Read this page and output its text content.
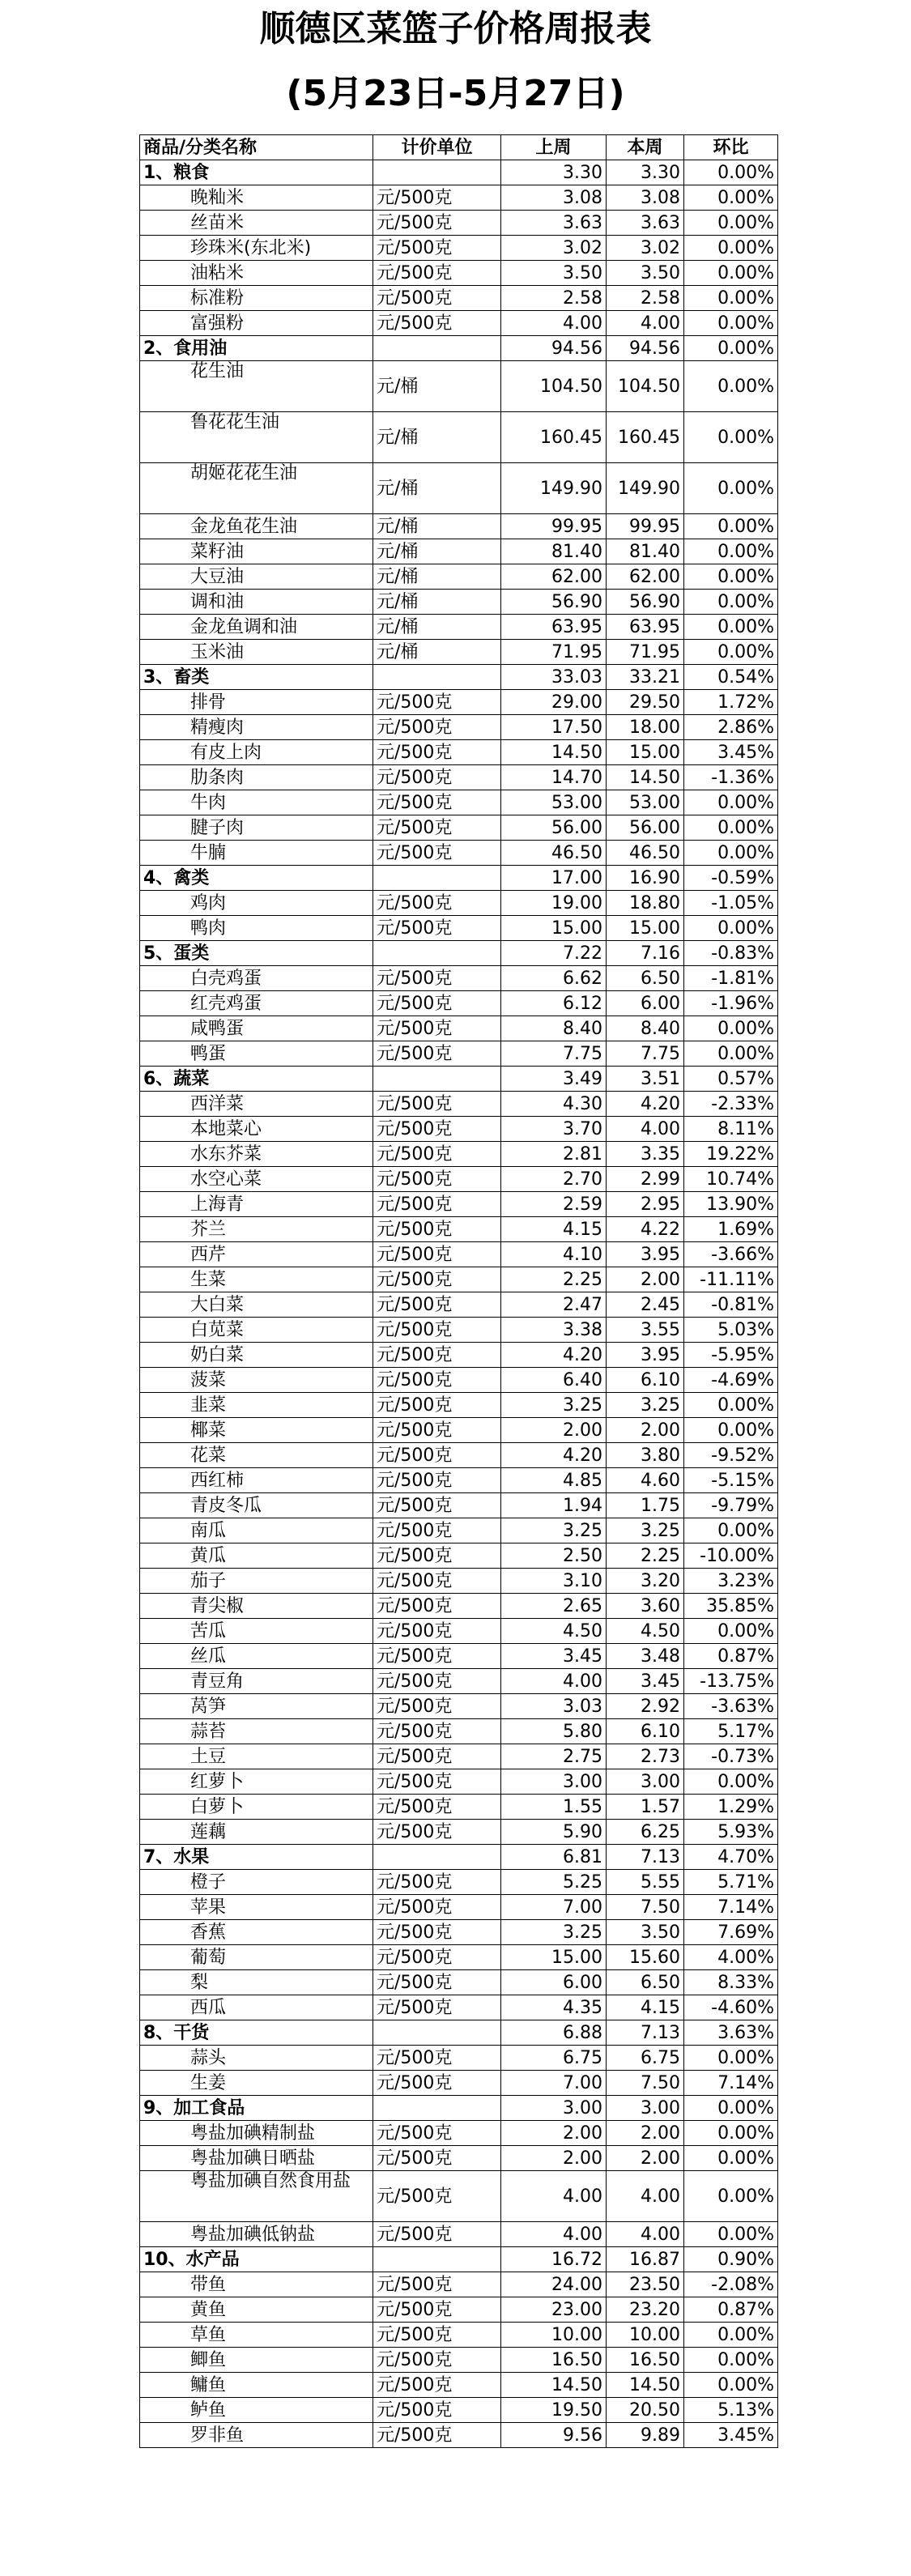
顺德区菜篮子价格周报表
(5月23日-5月27日)
商品/分类名称	计价单位	上周	本周	环比
1、粮食		3.30	3.30	0.00%
晚籼米	元/500克	3.08	3.08	0.00%
丝苗米	元/500克	3.63	3.63	0.00%
珍珠米(东北米)	元/500克	3.02	3.02	0.00%
油粘米	元/500克	3.50	3.50	0.00%
标准粉	元/500克	2.58	2.58	0.00%
富强粉	元/500克	4.00	4.00	0.00%
2、食用油		94.56	94.56	0.00%
花生油	元/桶	104.50	104.50	0.00%
鲁花花生油	元/桶	160.45	160.45	0.00%
胡姬花花生油	元/桶	149.90	149.90	0.00%
金龙鱼花生油	元/桶	99.95	99.95	0.00%
菜籽油	元/桶	81.40	81.40	0.00%
大豆油	元/桶	62.00	62.00	0.00%
调和油	元/桶	56.90	56.90	0.00%
金龙鱼调和油	元/桶	63.95	63.95	0.00%
玉米油	元/桶	71.95	71.95	0.00%
3、畜类		33.03	33.21	0.54%
排骨	元/500克	29.00	29.50	1.72%
精瘦肉	元/500克	17.50	18.00	2.86%
有皮上肉	元/500克	14.50	15.00	3.45%
肋条肉	元/500克	14.70	14.50	-1.36%
牛肉	元/500克	53.00	53.00	0.00%
腱子肉	元/500克	56.00	56.00	0.00%
牛腩	元/500克	46.50	46.50	0.00%
4、禽类		17.00	16.90	-0.59%
鸡肉	元/500克	19.00	18.80	-1.05%
鸭肉	元/500克	15.00	15.00	0.00%
5、蛋类		7.22	7.16	-0.83%
白壳鸡蛋	元/500克	6.62	6.50	-1.81%
红壳鸡蛋	元/500克	6.12	6.00	-1.96%
咸鸭蛋	元/500克	8.40	8.40	0.00%
鸭蛋	元/500克	7.75	7.75	0.00%
6、蔬菜		3.49	3.51	0.57%
西洋菜	元/500克	4.30	4.20	-2.33%
本地菜心	元/500克	3.70	4.00	8.11%
水东芥菜	元/500克	2.81	3.35	19.22%
水空心菜	元/500克	2.70	2.99	10.74%
上海青	元/500克	2.59	2.95	13.90%
芥兰	元/500克	4.15	4.22	1.69%
西芹	元/500克	4.10	3.95	-3.66%
生菜	元/500克	2.25	2.00	-11.11%
大白菜	元/500克	2.47	2.45	-0.81%
白苋菜	元/500克	3.38	3.55	5.03%
奶白菜	元/500克	4.20	3.95	-5.95%
菠菜	元/500克	6.40	6.10	-4.69%
韭菜	元/500克	3.25	3.25	0.00%
椰菜	元/500克	2.00	2.00	0.00%
花菜	元/500克	4.20	3.80	-9.52%
西红柿	元/500克	4.85	4.60	-5.15%
青皮冬瓜	元/500克	1.94	1.75	-9.79%
南瓜	元/500克	3.25	3.25	0.00%
黄瓜	元/500克	2.50	2.25	-10.00%
茄子	元/500克	3.10	3.20	3.23%
青尖椒	元/500克	2.65	3.60	35.85%
苦瓜	元/500克	4.50	4.50	0.00%
丝瓜	元/500克	3.45	3.48	0.87%
青豆角	元/500克	4.00	3.45	-13.75%
莴笋	元/500克	3.03	2.92	-3.63%
蒜苔	元/500克	5.80	6.10	5.17%
土豆	元/500克	2.75	2.73	-0.73%
红萝卜	元/500克	3.00	3.00	0.00%
白萝卜	元/500克	1.55	1.57	1.29%
莲藕	元/500克	5.90	6.25	5.93%
7、水果		6.81	7.13	4.70%
橙子	元/500克	5.25	5.55	5.71%
苹果	元/500克	7.00	7.50	7.14%
香蕉	元/500克	3.25	3.50	7.69%
葡萄	元/500克	15.00	15.60	4.00%
梨	元/500克	6.00	6.50	8.33%
西瓜	元/500克	4.35	4.15	-4.60%
8、干货		6.88	7.13	3.63%
蒜头	元/500克	6.75	6.75	0.00%
生姜	元/500克	7.00	7.50	7.14%
9、加工食品		3.00	3.00	0.00%
粤盐加碘精制盐	元/500克	2.00	2.00	0.00%
粤盐加碘日晒盐	元/500克	2.00	2.00	0.00%
粤盐加碘自然食用盐	元/500克	4.00	4.00	0.00%
粤盐加碘低钠盐	元/500克	4.00	4.00	0.00%
10、水产品		16.72	16.87	0.90%
带鱼	元/500克	24.00	23.50	-2.08%
黄鱼	元/500克	23.00	23.20	0.87%
草鱼	元/500克	10.00	10.00	0.00%
鲫鱼	元/500克	16.50	16.50	0.00%
鳙鱼	元/500克	14.50	14.50	0.00%
鲈鱼	元/500克	19.50	20.50	5.13%
罗非鱼	元/500克	9.56	9.89	3.45%
